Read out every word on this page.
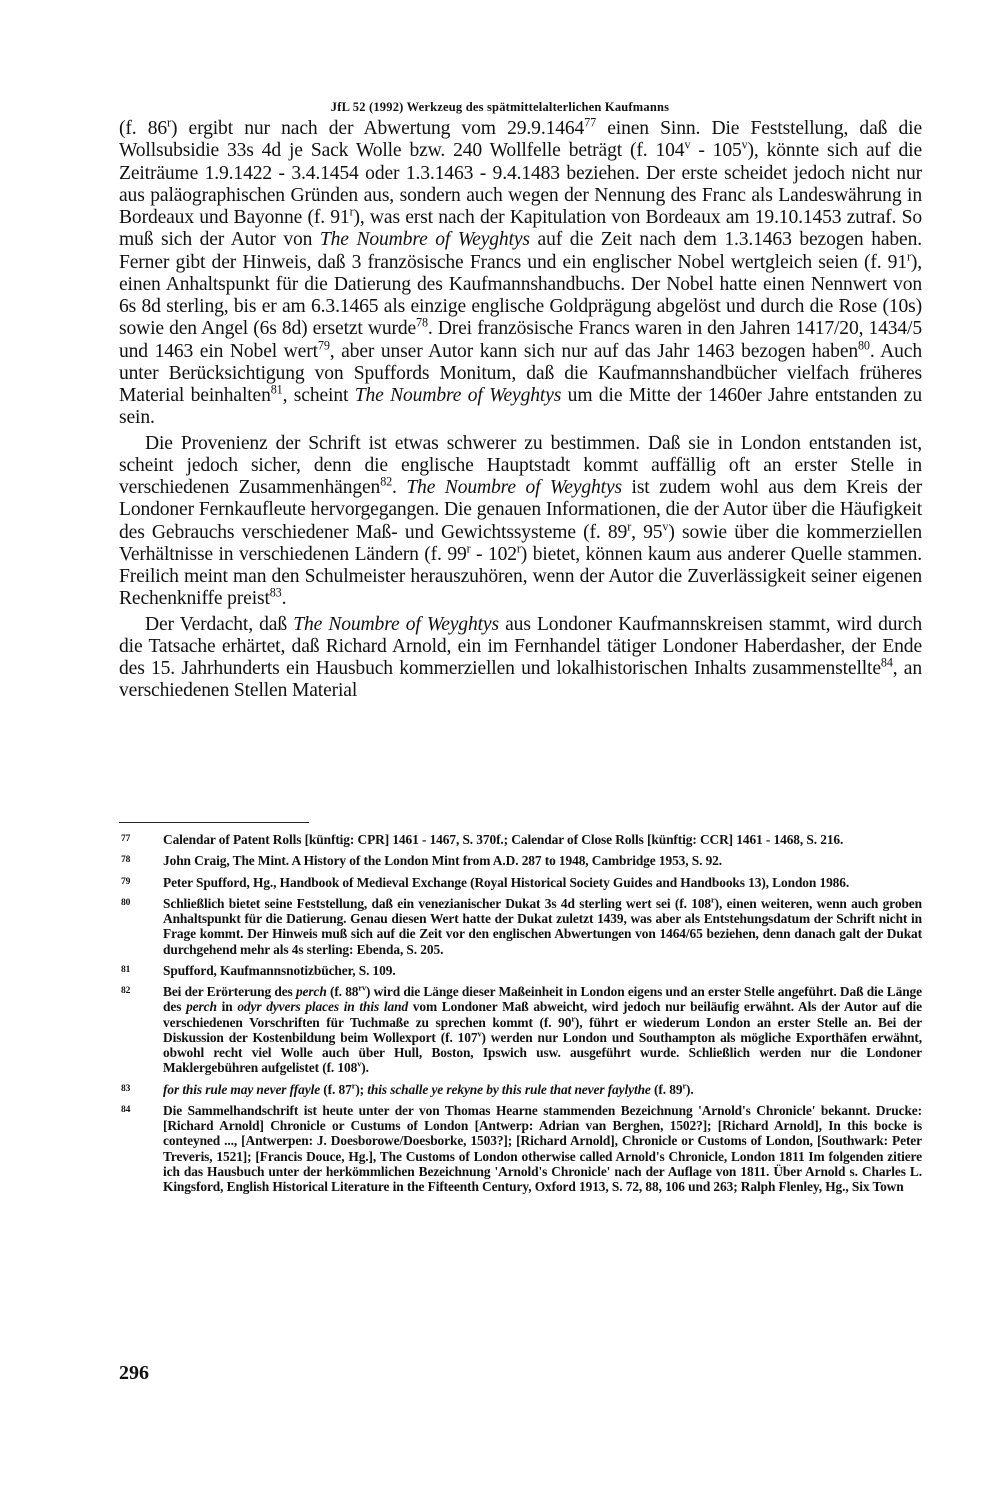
JfL 52 (1992) Werkzeug des spätmittelalterlichen Kaufmanns

(f. 86$^r$) ergibt nur nach der Abwertung vom 29.9.1464$^{77}$ einen Sinn. Die Feststellung, daß die Wollsubsidie 33s 4d je Sack Wolle bzw. 240 Wollfelle beträgt (f. 104$^v$ - 105$^v$), könnte sich auf die Zeiträume 1.9.1422 - 3.4.1454 oder 1.3.1463 - 9.4.1483 beziehen. Der erste scheidet jedoch nicht nur aus paläographischen Gründen aus, sondern auch wegen der Nennung des Franc als Landeswährung in Bordeaux und Bayonne (f. 91$^r$), was erst nach der Kapitulation von Bordeaux am 19.10.1453 zutraf. So muß sich der Autor von The Noumbre of Weyghtys auf die Zeit nach dem 1.3.1463 bezogen haben. Ferner gibt der Hinweis, daß 3 französische Francs und ein englischer Nobel wertgleich seien (f. 91$^r$), einen Anhaltspunkt für die Datierung des Kaufmannshandbuchs. Der Nobel hatte einen Nennwert von 6s 8d sterling, bis er am 6.3.1465 als einzige englische Goldprägung abgelöst und durch die Rose (10s) sowie den Angel (6s 8d) ersetzt wurde$^{78}$. Drei französische Francs waren in den Jahren 1417/20, 1434/5 und 1463 ein Nobel wert$^{79}$, aber unser Autor kann sich nur auf das Jahr 1463 bezogen haben$^{80}$. Auch unter Berücksichtigung von Spuffords Monitum, daß die Kaufmannshandbücher vielfach früheres Material beinhalten$^{81}$, scheint The Noumbre of Weyghtys um die Mitte der 1460er Jahre entstanden zu sein.

Die Provenienz der Schrift ist etwas schwerer zu bestimmen. Daß sie in London entstanden ist, scheint jedoch sicher, denn die englische Hauptstadt kommt auffällig oft an erster Stelle in verschiedenen Zusammenhängen$^{82}$. The Noumbre of Weyghtys ist zudem wohl aus dem Kreis der Londoner Fernkaufleute hervorgegangen. Die genauen Informationen, die der Autor über die Häufigkeit des Gebrauchs verschiedener Maß- und Gewichtssysteme (f. 89$^r$, 95$^v$) sowie über die kommerziellen Verhältnisse in verschiedenen Ländern (f. 99$^r$ - 102$^r$) bietet, können kaum aus anderer Quelle stammen. Freilich meint man den Schulmeister herauszuhören, wenn der Autor die Zuverlässigkeit seiner eigenen Rechenkniffe preist$^{83}$.

Der Verdacht, daß The Noumbre of Weyghtys aus Londoner Kaufmannskreisen stammt, wird durch die Tatsache erhärtet, daß Richard Arnold, ein im Fernhandel tätiger Londoner Haberdasher, der Ende des 15. Jahrhunderts ein Hausbuch kommerziellen und lokalhistorischen Inhalts zusammenstellte$^{84}$, an verschiedenen Stellen Material

77	Calendar of Patent Rolls [künftig: CPR] 1461 - 1467, S. 370f.; Calendar of Close Rolls [künftig: CCR] 1461 - 1468, S. 216.
78	John Craig, The Mint. A History of the London Mint from A.D. 287 to 1948, Cambridge 1953, S. 92.
79	Peter Spufford, Hg., Handbook of Medieval Exchange (Royal Historical Society Guides and Handbooks 13), London 1986.
80	Schließlich bietet seine Feststellung, daß ein venezianischer Dukat 3s 4d sterling wert sei (f. 108$^r$), einen weiteren, wenn auch groben Anhaltspunkt für die Datierung. Genau diesen Wert hatte der Dukat zuletzt 1439, was aber als Entstehungsdatum der Schrift nicht in Frage kommt. Der Hinweis muß sich auf die Zeit vor den englischen Abwertungen von 1464/65 beziehen, denn danach galt der Dukat durchgehend mehr als 4s sterling: Ebenda, S. 205.
81	Spufford, Kaufmannsnotizbücher, S. 109.
82	Bei der Erörterung des perch (f. $88^{rv}$) wird die Länge dieser Maßeinheit in London eigens und an erster Stelle angeführt. Daß die Länge des perch in odyr dyvers places in this land vom Londoner Maß abweicht, wird jedoch nur beiläufig erwähnt. Als der Autor auf die verschiedenen Vorschriften für Tuchmaße zu sprechen kommt (f. 90$^r$), führt er wiederum London an erster Stelle an. Bei der Diskussion der Kostenbildung beim Wollexport (f. 107$^v$) werden nur London und Southampton als mögliche Exporthäfen erwähnt, obwohl recht viel Wolle auch über Hull, Boston, Ipswich usw. ausgeführt wurde. Schließlich werden nur die Londoner Maklergebühren aufgelistet (f. 108$^v$).
83	for this rule may never ffayle (f. 87$^r$); this schalle ye rekyne by this rule that never faylythe (f. 89$^r$).
84	Die Sammelhandschrift ist heute unter der von Thomas Hearne stammenden Bezeichnung 'Arnold's Chronicle' bekannt. Drucke: [Richard Arnold] Chronicle or Custums of London [Antwerp: Adrian van Berghen, 1502?]; [Richard Arnold], In this bocke is conteyned ..., [Antwerpen: J. Doesborowe/Doesborke, 1503?]; [Richard Arnold], Chronicle or Customs of London, [Southwark: Peter Treveris, 1521]; [Francis Douce, Hg.], The Customs of London otherwise called Arnold's Chronicle, London 1811 Im folgenden zitiere ich das Hausbuch unter der herkömmlichen Bezeichnung 'Arnold's Chronicle' nach der Auflage von 1811. Über Arnold s. Charles L. Kingsford, English Historical Literature in the Fifteenth Century, Oxford 1913, S. 72, 88, 106 und 263; Ralph Flenley, Hg., Six Town
296
